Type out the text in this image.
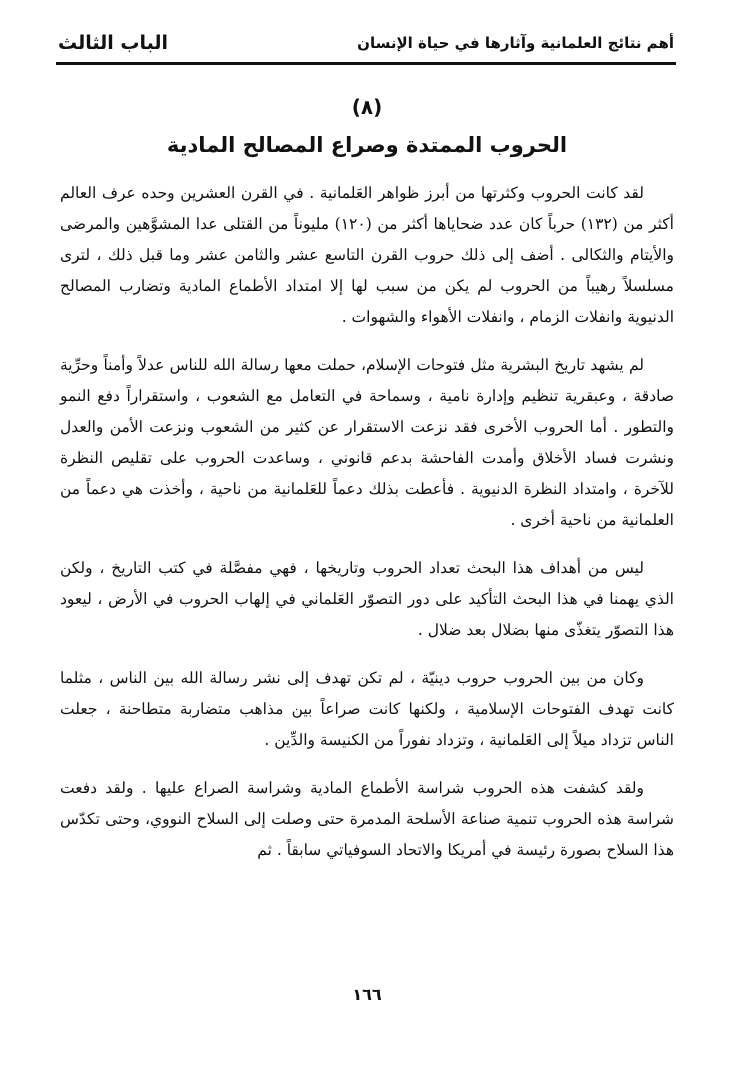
الباب الثالث	أهم نتائج العلمانية وآثارها في حياة الإنسان
(٨)
الحروب الممتدة وصراع المصالح المادية

لقد كانت الحروب وكثرتها من أبرز ظواهر العَلمانية . في القرن العشرين وحده عرف العالم أكثر من (١٣٢) حرباً كان عدد ضحاياها أكثر من (١٢٠) مليوناً من القتلى عدا المشوَّهين والمرضى والأيتام والثكالى . أضف إلى ذلك حروب القرن التاسع عشر والثامن عشر وما قبل ذلك ، لترى مسلسلاً رهيباً من الحروب لم يكن من سبب لها إلا امتداد الأطماع المادية وتضارب المصالح الدنيوية وانفلات الزمام ، وانفلات الأهواء والشهوات .

لم يشهد تاريخ البشرية مثل فتوحات الإسلام، حملت معها رسالة الله للناس عدلاً وأمناً وحرِّية صادقة ، وعبقرية تنظيم وإدارة نامية ، وسماحة في التعامل مع الشعوب ، واستقراراً دفع النمو والتطور . أما الحروب الأخرى فقد نزعت الاستقرار عن كثير من الشعوب ونزعت الأمن والعدل ونشرت فساد الأخلاق وأمدت الفاحشة بدعم قانوني ، وساعدت الحروب على تقليص النظرة للآخرة ، وامتداد النظرة الدنيوية . فأعطت بذلك دعماً للعَلمانية من ناحية ، وأخذت هي دعماً من العلمانية من ناحية أخرى .

ليس من أهداف هذا البحث تعداد الحروب وتاريخها ، فهي مفصَّلة في كتب التاريخ ، ولكن الذي يهمنا في هذا البحث التأكيد على دور التصوّر العَلماني في إلهاب الحروب في الأرض ، ليعود هذا التصوّر يتغذّى منها بضلال بعد ضلال .

وكان من بين الحروب حروب دينيّة ، لم تكن تهدف إلى نشر رسالة الله بين الناس ، مثلما كانت تهدف الفتوحات الإسلامية ، ولكنها كانت صراعاً بين مذاهب متضاربة متطاحنة ، جعلت الناس تزداد ميلاً إلى العَلمانية ، وتزداد نفوراً من الكنيسة والدِّين .

ولقد كشفت هذه الحروب شراسة الأطماع المادية وشراسة الصراع عليها . ولقد دفعت شراسة هذه الحروب تنمية صناعة الأسلحة المدمرة حتى وصلت إلى السلاح النووي، وحتى تكدّس هذا السلاح بصورة رئيسة في أمريكا والاتحاد السوفياتي سابقاً . ثم

١٦٦
